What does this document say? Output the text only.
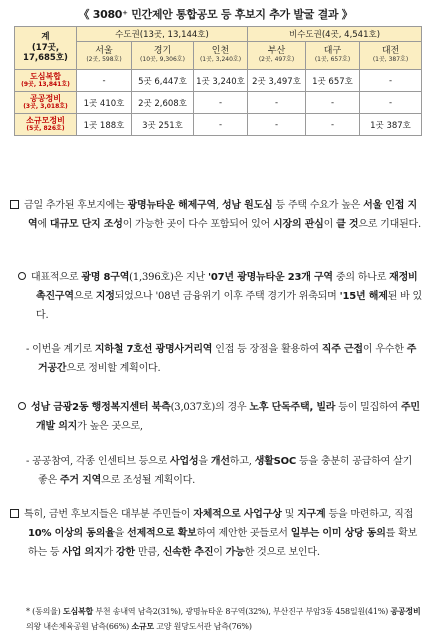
《 3080⁺ 민간제안 통합공모 등 후보지 추가 발굴 결과 》
계
(17곳,
17,685호)	수도권(13곳, 13,144호)			비수도권(4곳, 4,541호)		
	서울
(2곳, 598호)	경기
(10곳, 9,306호)	인천
(1곳, 3,240호)	부산
(2곳, 497호)	대구
(1곳, 657호)	대전
(1곳, 387호)

도심복합
(9곳, 13,841호)	-	5곳 6,447호	1곳 3,240호	2곳 3,497호	1곳 657호	-

공공정비
(3곳, 3,018호)	1곳 410호	2곳 2,608호	-	-	-	-

소규모정비
(5곳, 826호)	1곳 188호	3곳 251호	-	-	-	1곳 387호
금일 추가된 후보지에는 광명뉴타운 해제구역, 성남 원도심 등 주택 수요가 높은 서울 인접 지역에 대규모 단지 조성이 가능한 곳이 다수 포함되어 있어 시장의 관심이 클 것으로 기대된다.
대표적으로 광명 8구역(1,396호)은 지난 '07년 광명뉴타운 23개 구역 중의 하나로 재정비 촉진구역으로 지정되었으나 '08년 금융위기 이후 주택 경기가 위축되며 '15년 해제된 바 있다.
- 이번을 계기로 지하철 7호선 광명사거리역 인접 등 장점을 활용하여 직주 근접이 우수한 주거공간으로 정비할 계획이다.
성남 금광2동 행정복지센터 북측(3,037호)의 경우 노후 단독주택, 빌라 등이 밀집하여 주민 개발 의지가 높은 곳으로,
- 공공참여, 각종 인센티브 등으로 사업성을 개선하고, 생활SOC 등을 충분히 공급하여 살기 좋은 주거 지역으로 조성될 계획이다.
특히, 금번 후보지들은 대부분 주민들이 자체적으로 사업구상 및 지구계 등을 마련하고, 직접 10% 이상의 동의율을 선제적으로 확보하여 제안한 곳들로서 일부는 이미 상당 동의를 확보하는 등 사업 의지가 강한 만큼, 신속한 추진이 가능한 것으로 보인다.
* (동의율) 도심복합 부천 송내역 남측2(31%), 광명뉴타운 8구역(32%), 부산진구 부암3동 458일원(41%) 공공정비 의왕 내손체육공원 남측(66%) 소규모 고양 원당도서관 남측(76%)
